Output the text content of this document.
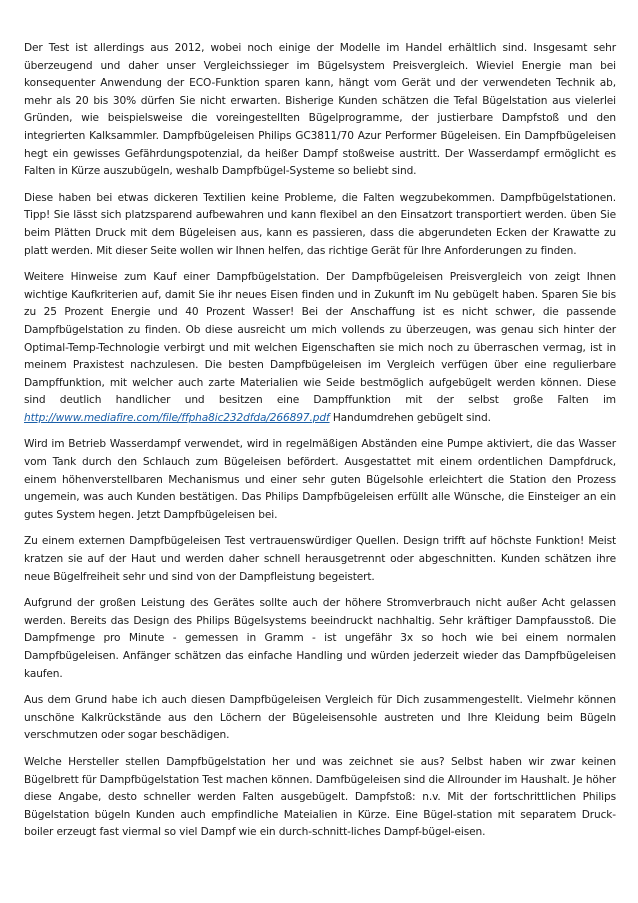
Der Test ist allerdings aus 2012, wobei noch einige der Modelle im Handel erhältlich sind. Insgesamt sehr überzeugend und daher unser Vergleichssieger im Bügelsystem Preisvergleich. Wieviel Energie man bei konsequenter Anwendung der ECO-Funktion sparen kann, hängt vom Gerät und der verwendeten Technik ab, mehr als 20 bis 30% dürfen Sie nicht erwarten. Bisherige Kunden schätzen die Tefal Bügelstation aus vielerlei Gründen, wie beispielsweise die voreingestellten Bügelprogramme, der justierbare Dampfstoß und den integrierten Kalksammler. Dampfbügeleisen Philips GC3811/70 Azur Performer Bügeleisen. Ein Dampfbügeleisen hegt ein gewisses Gefährdungspotenzial, da heißer Dampf stoßweise austritt. Der Wasserdampf ermöglicht es Falten in Kürze auszubügeln, weshalb Dampfbügel-Systeme so beliebt sind.

Diese haben bei etwas dickeren Textilien keine Probleme, die Falten wegzubekommen. Dampfbügelstationen. Tipp! Sie lässt sich platzsparend aufbewahren und kann flexibel an den Einsatzort transportiert werden. üben Sie beim Plätten Druck mit dem Bügeleisen aus, kann es passieren, dass die abgerundeten Ecken der Krawatte zu platt werden. Mit dieser Seite wollen wir Ihnen helfen, das richtige Gerät für Ihre Anforderungen zu finden.

Weitere Hinweise zum Kauf einer Dampfbügelstation. Der Dampfbügeleisen Preisvergleich von zeigt Ihnen wichtige Kaufkriterien auf, damit Sie ihr neues Eisen finden und in Zukunft im Nu gebügelt haben. Sparen Sie bis zu 25 Prozent Energie und 40 Prozent Wasser! Bei der Anschaffung ist es nicht schwer, die passende Dampfbügelstation zu finden. Ob diese ausreicht um mich vollends zu überzeugen, was genau sich hinter der Optimal-Temp-Technologie verbirgt und mit welchen Eigenschaften sie mich noch zu überraschen vermag, ist in meinem Praxistest nachzulesen. Die besten Dampfbügeleisen im Vergleich verfügen über eine regulierbare Dampffunktion, mit welcher auch zarte Materialien wie Seide bestmöglich aufgebügelt werden können. Diese sind deutlich handlicher und besitzen eine Dampffunktion mit der selbst große Falten im http://www.mediafire.com/file/ffpha8ic232dfda/266897.pdf Handumdrehen gebügelt sind.

Wird im Betrieb Wasserdampf verwendet, wird in regelmäßigen Abständen eine Pumpe aktiviert, die das Wasser vom Tank durch den Schlauch zum Bügeleisen befördert. Ausgestattet mit einem ordentlichen Dampfdruck, einem höhenverstellbaren Mechanismus und einer sehr guten Bügelsohle erleichtert die Station den Prozess ungemein, was auch Kunden bestätigen. Das Philips Dampfbügeleisen erfüllt alle Wünsche, die Einsteiger an ein gutes System hegen. Jetzt Dampfbügeleisen bei.

Zu einem externen Dampfbügeleisen Test vertrauenswürdiger Quellen. Design trifft auf höchste Funktion! Meist kratzen sie auf der Haut und werden daher schnell herausgetrennt oder abgeschnitten. Kunden schätzen ihre neue Bügelfreiheit sehr und sind von der Dampfleistung begeistert.

Aufgrund der großen Leistung des Gerätes sollte auch der höhere Stromverbrauch nicht außer Acht gelassen werden. Bereits das Design des Philips Bügelsystems beeindruckt nachhaltig. Sehr kräftiger Dampfausstoß. Die Dampfmenge pro Minute - gemessen in Gramm - ist ungefähr 3x so hoch wie bei einem normalen Dampfbügeleisen. Anfänger schätzen das einfache Handling und würden jederzeit wieder das Dampfbügeleisen kaufen.

Aus dem Grund habe ich auch diesen Dampfbügeleisen Vergleich für Dich zusammengestellt. Vielmehr können unschöne Kalkrückstände aus den Löchern der Bügeleisensohle austreten und Ihre Kleidung beim Bügeln verschmutzen oder sogar beschädigen.

Welche Hersteller stellen Dampfbügelstation her und was zeichnet sie aus? Selbst haben wir zwar keinen Bügelbrett für Dampfbügelstation Test machen können. Damfbügeleisen sind die Allrounder im Haushalt. Je höher diese Angabe, desto schneller werden Falten ausgebügelt. Dampfstoß: n.v. Mit der fortschrittlichen Philips Bügelstation bügeln Kunden auch empfindliche Mateialien in Kürze. Eine Bügel-station mit separatem Druck-boiler erzeugt fast viermal so viel Dampf wie ein durch-schnitt-liches Dampf-bügel-eisen.
